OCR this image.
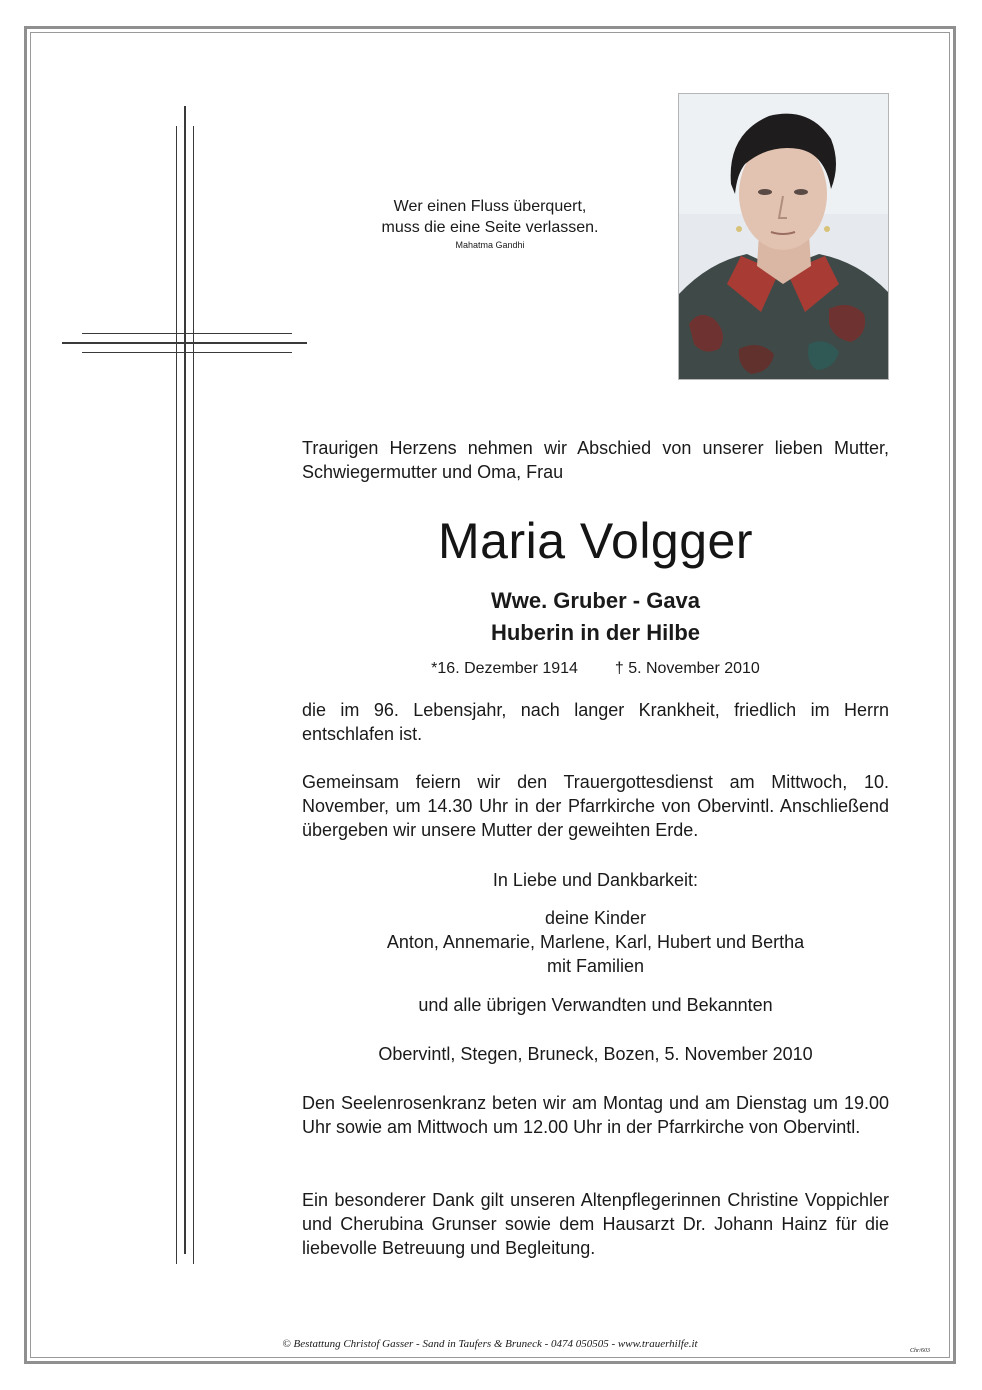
Wer einen Fluss überquert,
muss die eine Seite verlassen.
Mahatma Gandhi
Traurigen Herzens nehmen wir Abschied von unserer lieben Mutter, Schwiegermutter und Oma, Frau
Maria Volgger
Wwe. Gruber - Gava
Huberin in der Hilbe
*16. Dezember 1914 † 5. November 2010
die im 96. Lebensjahr, nach langer Krankheit, friedlich im Herrn entschlafen ist.
Gemeinsam feiern wir den Trauergottesdienst am Mittwoch, 10. November, um 14.30 Uhr in der Pfarrkirche von Obervintl. Anschließend übergeben wir unsere Mutter der geweihten Erde.
In Liebe und Dankbarkeit:
deine Kinder
Anton, Annemarie, Marlene, Karl, Hubert und Bertha
mit Familien
und alle übrigen Verwandten und Bekannten
Obervintl, Stegen, Bruneck, Bozen, 5. November 2010
Den Seelenrosenkranz beten wir am Montag und am Dienstag um 19.00 Uhr sowie am Mittwoch um 12.00 Uhr in der Pfarrkirche von Obervintl.
Ein besonderer Dank gilt unseren Altenpflegerinnen Christine Voppichler und Cherubina Grunser sowie dem Hausarzt Dr. Johann Hainz für die liebevolle Betreuung und Begleitung.
© Bestattung Christof Gasser - Sand in Taufers & Bruneck - 0474 050505 - www.trauerhilfe.it
Chr/603
